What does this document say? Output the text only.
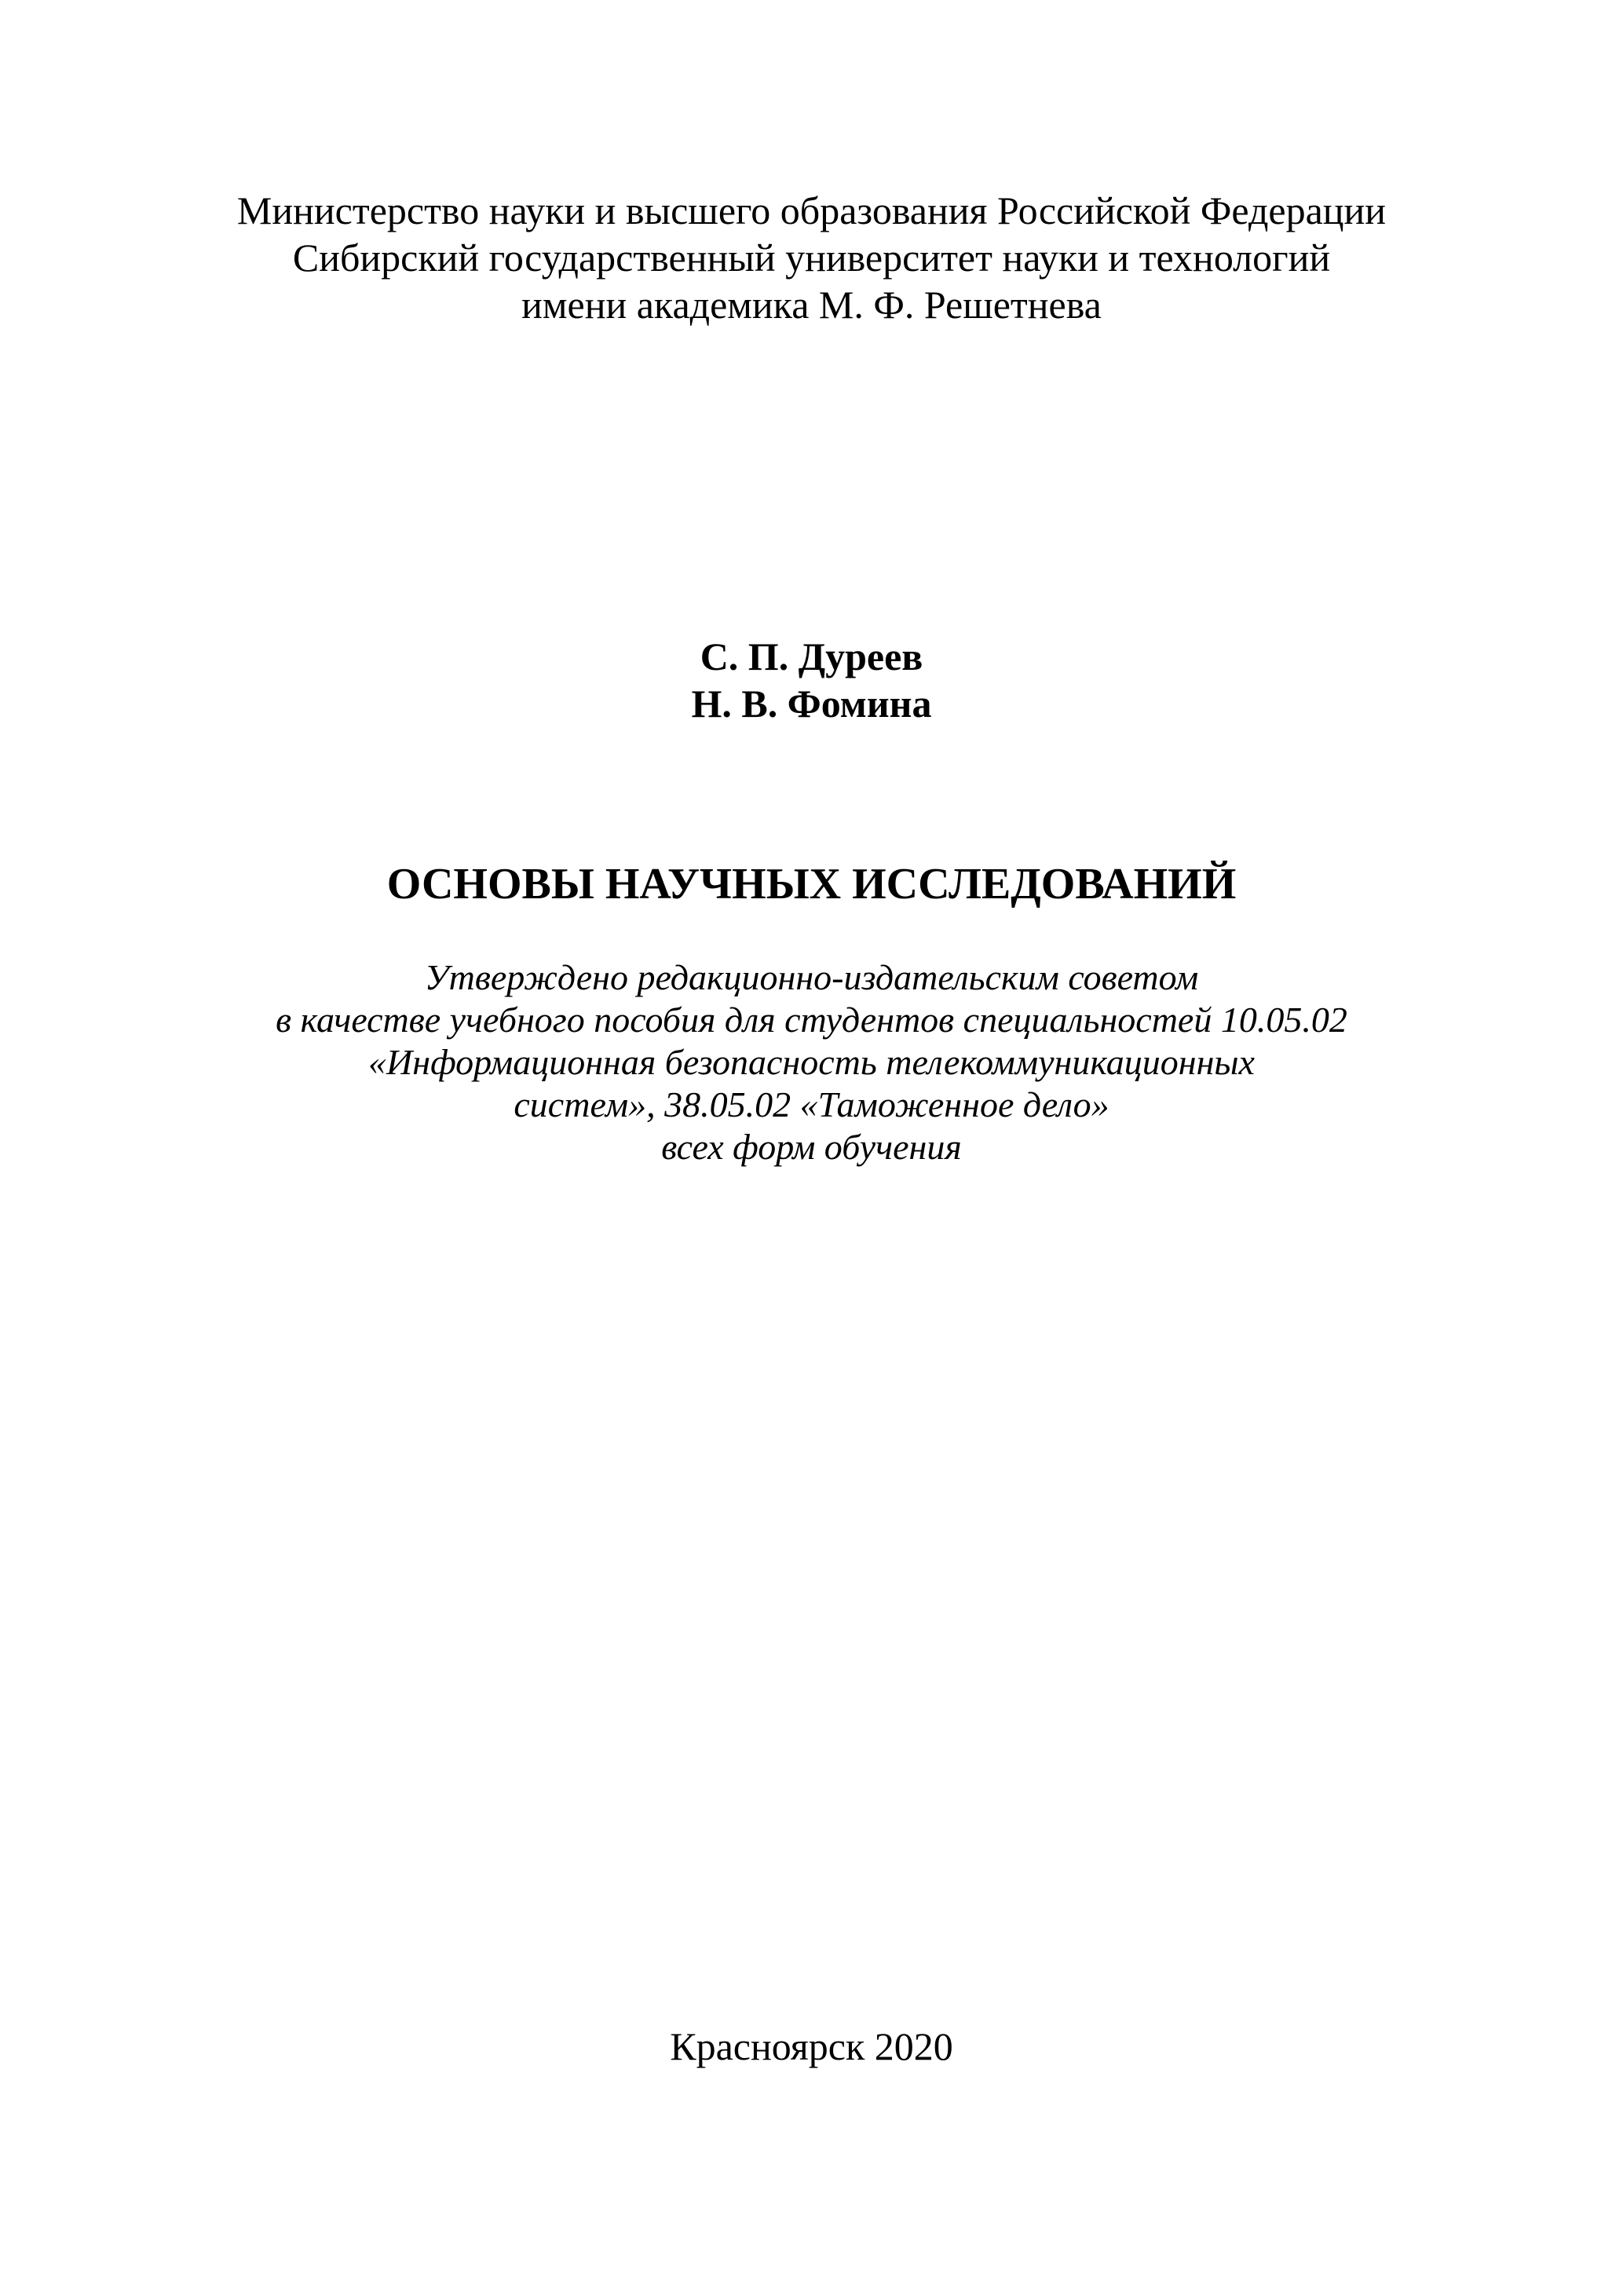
Министерство науки и высшего образования Российской Федерации
Сибирский государственный университет науки и технологий
имени академика М. Ф. Решетнева
С. П. Дуреев
Н. В. Фомина
ОСНОВЫ НАУЧНЫХ ИССЛЕДОВАНИЙ
Утверждено редакционно-издательским советом
в качестве учебного пособия для студентов специальностей 10.05.02
«Информационная безопасность телекоммуникационных
систем», 38.05.02 «Таможенное дело»
всех форм обучения
Красноярск 2020
